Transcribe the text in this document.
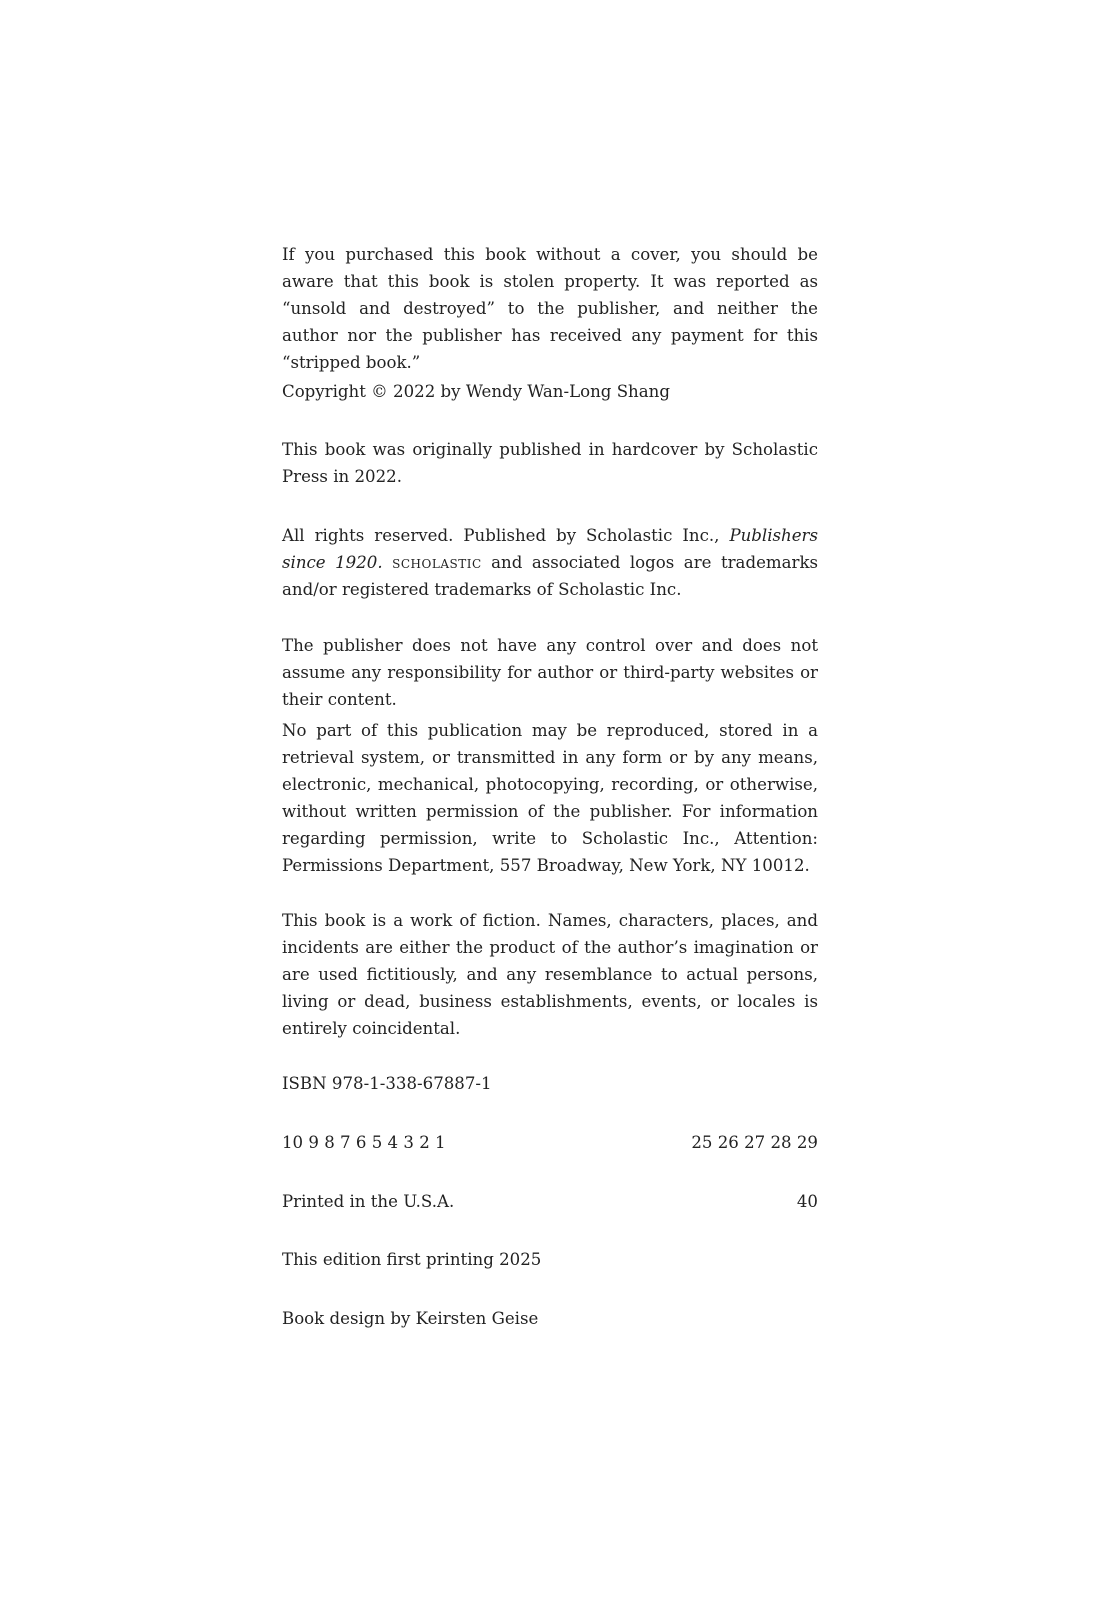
If you purchased this book without a cover, you should be aware that this book is stolen property. It was reported as “unsold and destroyed” to the publisher, and neither the author nor the publisher has received any payment for this “stripped book.”

Copyright © 2022 by Wendy Wan-Long Shang

This book was originally published in hardcover by Scholastic Press in 2022.

All rights reserved. Published by Scholastic Inc., Publishers since 1920. scholastic and associated logos are trademarks and/or registered trademarks of Scholastic Inc.

The publisher does not have any control over and does not assume any responsibility for author or third-party websites or their content.

No part of this publication may be reproduced, stored in a retrieval system, or transmitted in any form or by any means, electronic, mechanical, photocopying, recording, or otherwise, without written permission of the publisher. For information regarding permission, write to Scholastic Inc., Attention: Permissions Department, 557 Broadway, New York, NY 10012.

This book is a work of fiction. Names, characters, places, and incidents are either the product of the author’s imagination or are used fictitiously, and any resemblance to actual persons, living or dead, business establishments, events, or locales is entirely coincidental.

ISBN 978-1-338-67887-1

10 9 8 7 6 5 4 3 2 1	25 26 27 28 29
Printed in the U.S.A.	40

This edition first printing 2025

Book design by Keirsten Geise
